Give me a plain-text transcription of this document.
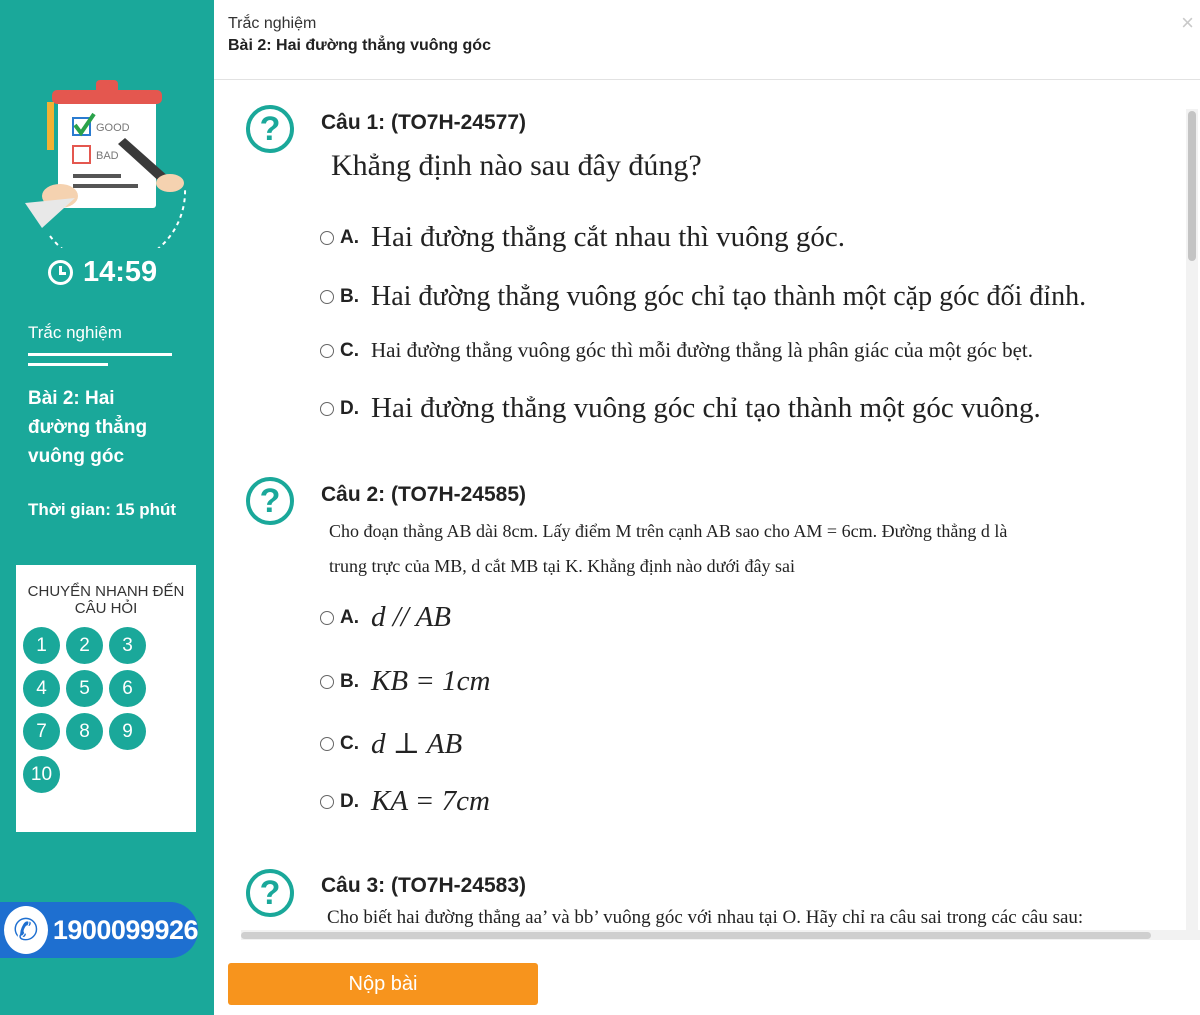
GOOD
BAD
14:59
Trắc nghiệm
Bài 2: Hai đường thẳng vuông góc
Thời gian: 15 phút
CHUYỂN NHANH ĐẾN CÂU HỎI
1	2	3
4	5	6
7	8	9
10
✆ 1900099926
Trắc nghiệm
Bài 2: Hai đường thẳng vuông góc
×
?	Câu 1: (TO7H-24577)
Khẳng định nào sau đây đúng?
A. Hai đường thẳng cắt nhau thì vuông góc.
B. Hai đường thẳng vuông góc chỉ tạo thành một cặp góc đối đỉnh.
C. Hai đường thẳng vuông góc thì mỗi đường thẳng là phân giác của một góc bẹt.
D. Hai đường thẳng vuông góc chỉ tạo thành một góc vuông.
?	Câu 2: (TO7H-24585)
Cho đoạn thẳng AB dài 8cm. Lấy điểm M trên cạnh AB sao cho AM = 6cm. Đường thẳng d là
trung trực của MB, d cắt MB tại K. Khẳng định nào dưới đây sai
A. d // AB
B. KB = 1cm
C. d ⊥ AB
D. KA = 7cm
?	Câu 3: (TO7H-24583)
Cho biết hai đường thẳng aa’ và bb’ vuông góc với nhau tại O. Hãy chỉ ra câu sai trong các câu sau:
Nộp bài
